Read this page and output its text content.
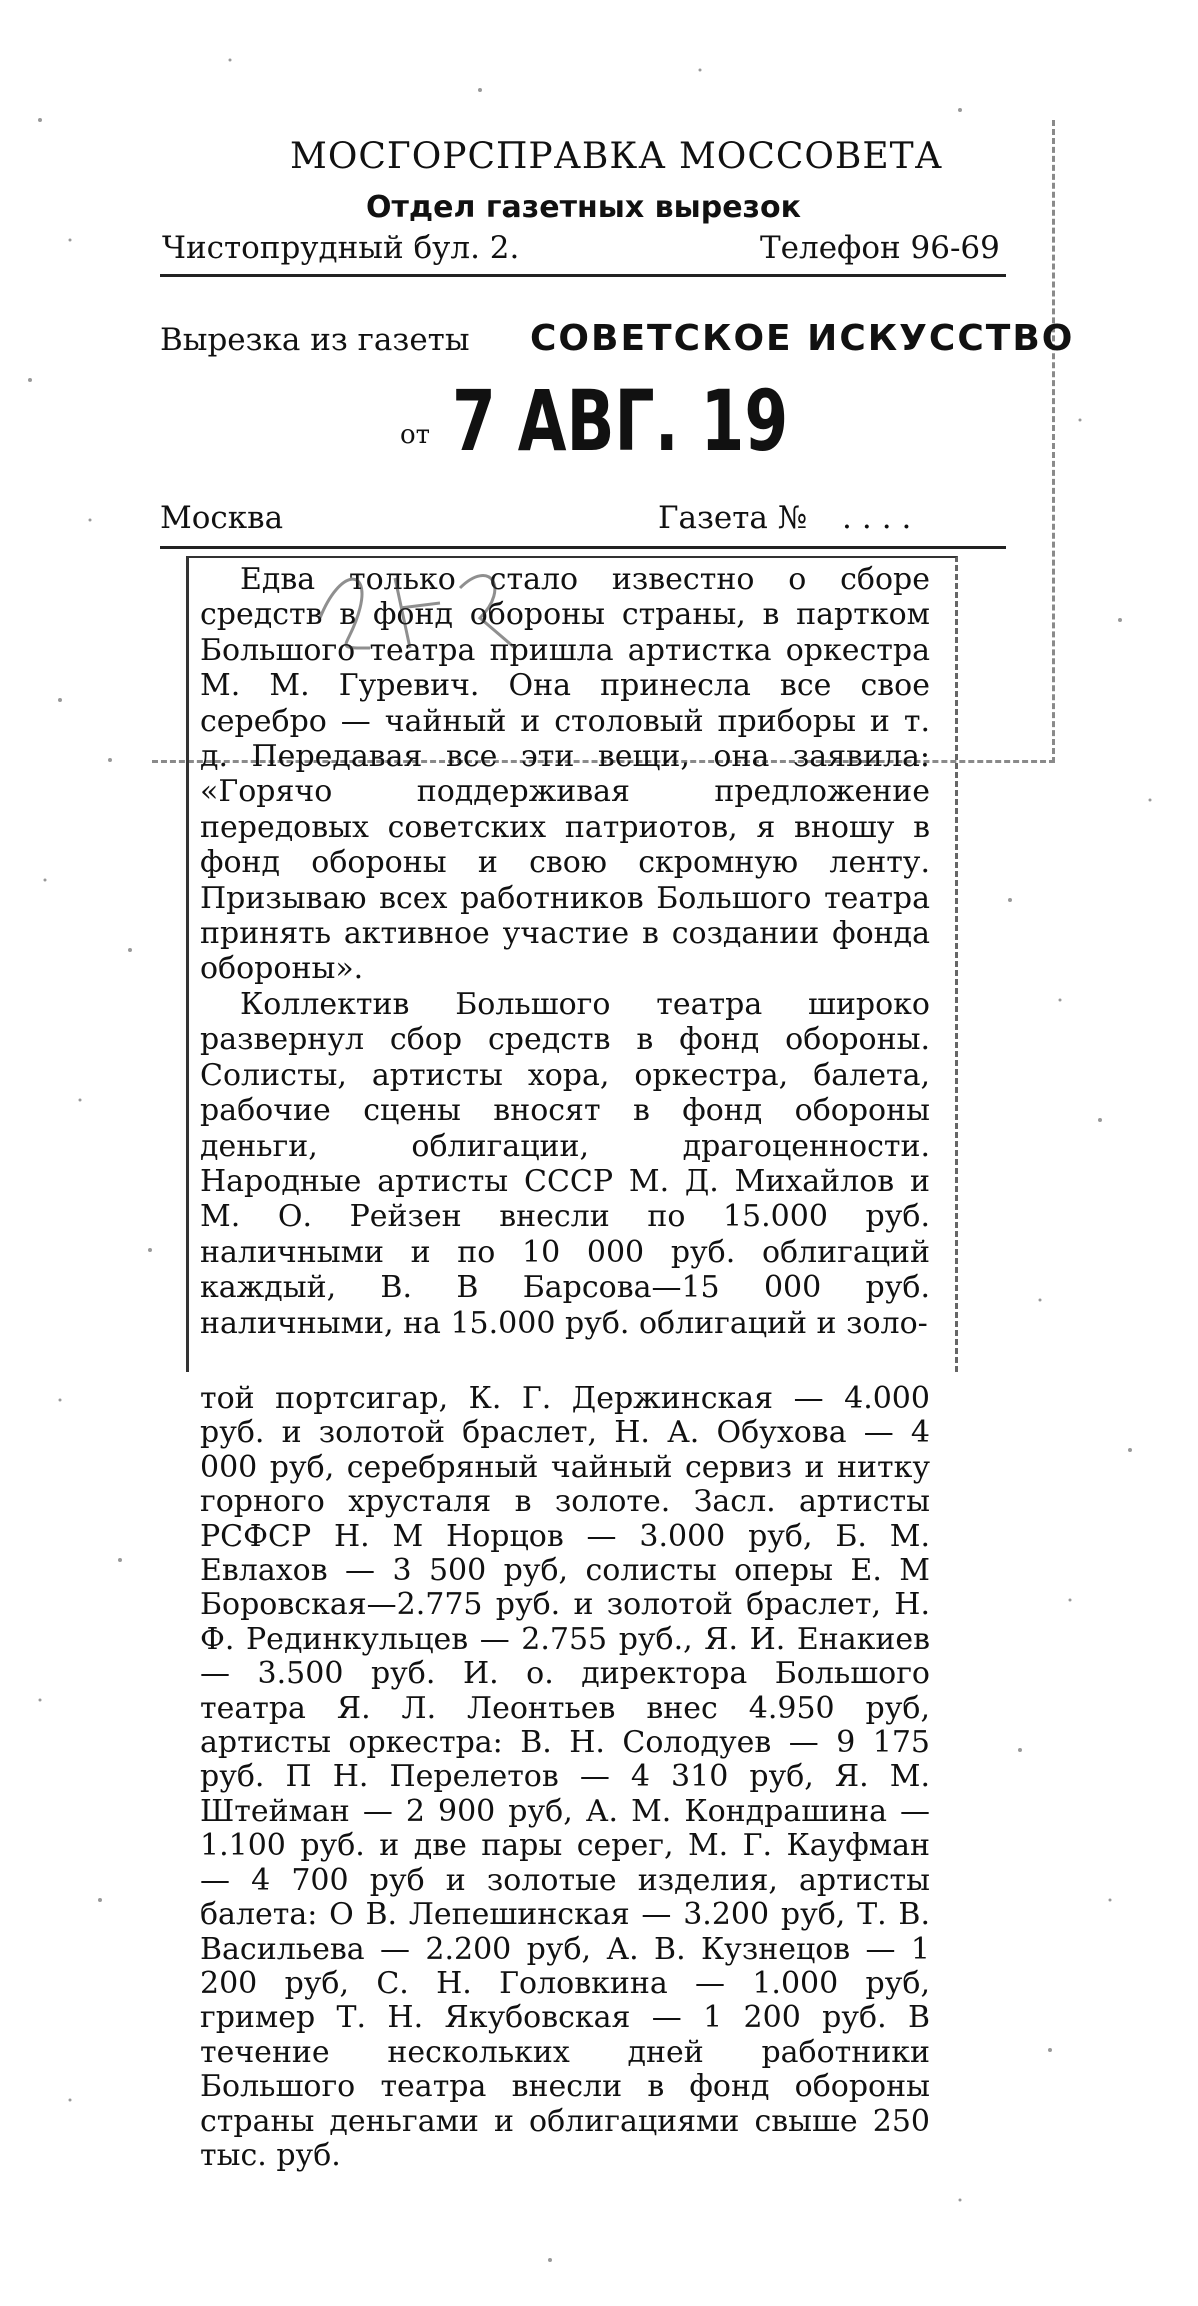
МОСГОРСПРАВКА МОССОВЕТА
Отдел газетных вырезок
Чистопрудный бул. 2.	Телефон 96-69
Вырезка из газеты СОВЕТСКОЕ ИСКУССТВО
от 7 АВГ. 19
Москва	Газета № ....

Едва только стало известно о сборе средств в фонд обороны страны, в партком Большого театра пришла артистка оркестра М. М. Гуревич. Она принесла все свое серебро — чайный и столовый приборы и т. д. Передавая все эти вещи, она заявила: «Горячо поддерживая предложение передовых советских патриотов, я вношу в фонд обороны и свою скромную ленту. Призываю всех работников Большого театра принять активное участие в создании фонда обороны».

Коллектив Большого театра широко развернул сбор средств в фонд обороны. Солисты, артисты хора, оркестра, балета, рабочие сцены вносят в фонд обороны деньги, облигации, драгоценности. Народные артисты СССР М. Д. Михайлов и М. О. Рейзен внесли по 15.000 руб. наличными и по 10 000 руб. облигаций каждый, В. В Барсова—15 000 руб. наличными, на 15.000 руб. облигаций и золо-

той портсигар, К. Г. Держинская — 4.000 руб. и золотой браслет, Н. А. Обухова — 4 000 руб, серебряный чайный сервиз и нитку горного хрусталя в золоте. Засл. артисты РСФСР Н. М Норцов — 3.000 руб, Б. М. Евлахов — 3 500 руб, солисты оперы Е. М Боровская—2.775 руб. и золотой браслет, Н. Ф. Рединкульцев — 2.755 руб., Я. И. Енакиев — 3.500 руб. И. о. директора Большого театра Я. Л. Леонтьев внес 4.950 руб, артисты оркестра: В. Н. Солодуев — 9 175 руб. П Н. Перелетов — 4 310 руб, Я. М. Штейман — 2 900 руб, А. М. Кондрашина — 1.100 руб. и две пары серег, М. Г. Кауфман — 4 700 руб и золотые изделия, артисты балета: О В. Лепешинская — 3.200 руб, Т. В. Васильева — 2.200 руб, А. В. Кузнецов — 1 200 руб, С. Н. Головкина — 1.000 руб, гример Т. Н. Якубовская — 1 200 руб. В течение нескольких дней работники Большого театра внесли в фонд обороны страны деньгами и облигациями свыше 250 тыс. руб.
